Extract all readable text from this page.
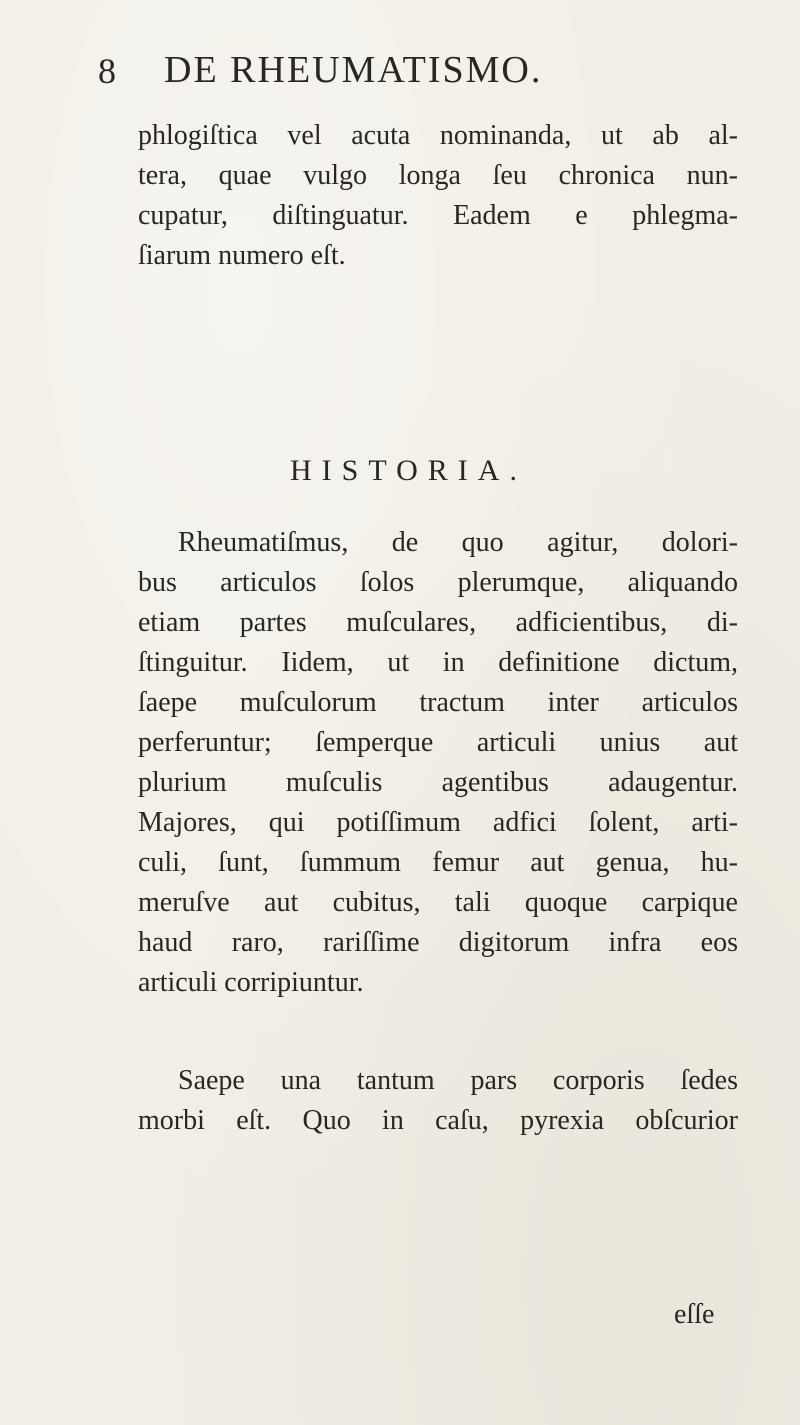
8 DE RHEUMATISMO.
phlogiſtica vel acuta nominanda, ut ab al-
tera, quae vulgo longa ſeu chronica nun-
cupatur, diſtinguatur. Eadem e phlegma-
ſiarum numero eſt.
HISTORIA.
Rheumatiſmus, de quo agitur, dolori-
bus articulos ſolos plerumque, aliquando
etiam partes muſculares, adficientibus, di-
ſtinguitur. Iidem, ut in definitione dictum,
ſaepe muſculorum tractum inter articulos
perferuntur; ſemperque articuli unius aut
plurium muſculis agentibus adaugentur.
Majores, qui potiſſimum adfici ſolent, arti-
culi, ſunt, ſummum femur aut genua, hu-
meruſve aut cubitus, tali quoque carpique
haud raro, rariſſime digitorum infra eos
articuli corripiuntur.
Saepe una tantum pars corporis ſedes
morbi eſt. Quo in caſu, pyrexia obſcurior
eſſe
